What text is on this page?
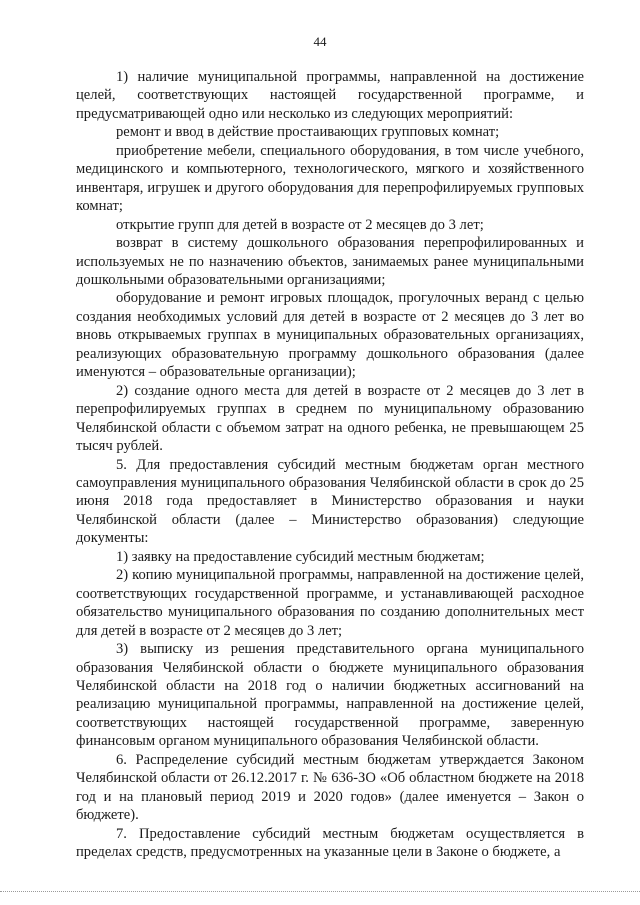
44

1) наличие муниципальной программы, направленной на достижение целей, соответствующих настоящей государственной программе, и предусматривающей одно или несколько из следующих мероприятий:

ремонт и ввод в действие простаивающих групповых комнат;

приобретение мебели, специального оборудования, в том числе учебного, медицинского и компьютерного, технологического, мягкого и хозяйственного инвентаря, игрушек и другого оборудования для перепрофилируемых групповых комнат;

открытие групп для детей в возрасте от 2 месяцев до 3 лет;

возврат в систему дошкольного образования перепрофилированных и используемых не по назначению объектов, занимаемых ранее муниципальными дошкольными образовательными организациями;

оборудование и ремонт игровых площадок, прогулочных веранд с целью создания необходимых условий для детей в возрасте от 2 месяцев до 3 лет во вновь открываемых группах в муниципальных образовательных организациях, реализующих образовательную программу дошкольного образования (далее именуются – образовательные организации);

2) создание одного места для детей в возрасте от 2 месяцев до 3 лет в перепрофилируемых группах в среднем по муниципальному образованию Челябинской области с объемом затрат на одного ребенка, не превышающем 25 тысяч рублей.

5. Для предоставления субсидий местным бюджетам орган местного самоуправления муниципального образования Челябинской области в срок до 25 июня 2018 года предоставляет в Министерство образования и науки Челябинской области (далее – Министерство образования) следующие документы:

1) заявку на предоставление субсидий местным бюджетам;

2) копию муниципальной программы, направленной на достижение целей, соответствующих государственной программе, и устанавливающей расходное обязательство муниципального образования по созданию дополнительных мест для детей в возрасте от 2 месяцев до 3 лет;

3) выписку из решения представительного органа муниципального образования Челябинской области о бюджете муниципального образования Челябинской области на 2018 год о наличии бюджетных ассигнований на реализацию муниципальной программы, направленной на достижение целей, соответствующих настоящей государственной программе, заверенную финансовым органом муниципального образования Челябинской области.

6. Распределение субсидий местным бюджетам утверждается Законом Челябинской области от 26.12.2017 г. № 636-ЗО «Об областном бюджете на 2018 год и на плановый период 2019 и 2020 годов» (далее именуется – Закон о бюджете).

7. Предоставление субсидий местным бюджетам осуществляется в пределах средств, предусмотренных на указанные цели в Законе о бюджете, а
